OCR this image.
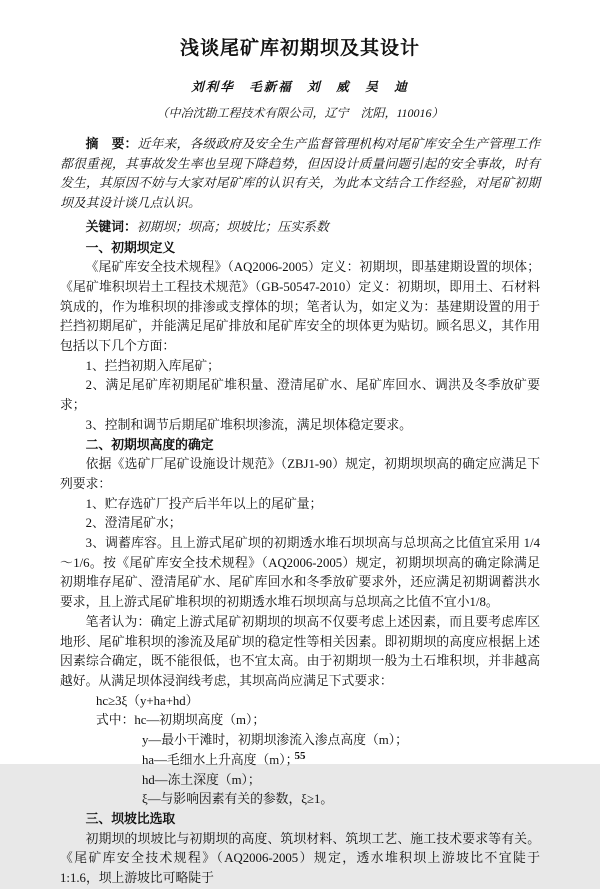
浅谈尾矿库初期坝及其设计
刘利华　毛新福　刘　威　吴　迪
（中冶沈勘工程技术有限公司，辽宁　沈阳，110016）
摘　要：近年来，各级政府及安全生产监督管理机构对尾矿库安全生产管理工作都很重视，其事故发生率也呈现下降趋势，但因设计质量问题引起的安全事故，时有发生，其原因不妨与大家对尾矿库的认识有关，为此本文结合工作经验，对尾矿初期坝及其设计谈几点认识。
关键词：初期坝；坝高；坝坡比；压实系数

一、初期坝定义

《尾矿库安全技术规程》（AQ2006-2005）定义：初期坝，即基建期设置的坝体；《尾矿堆积坝岩土工程技术规范》（GB-50547-2010）定义：初期坝，即用土、石材料筑成的，作为堆积坝的排渗或支撑体的坝；笔者认为，如定义为：基建期设置的用于拦挡初期尾矿，并能满足尾矿排放和尾矿库安全的坝体更为贴切。顾名思义，其作用包括以下几个方面：

1、拦挡初期入库尾矿；

2、满足尾矿库初期尾矿堆积量、澄清尾矿水、尾矿库回水、调洪及冬季放矿要求；

3、控制和调节后期尾矿堆积坝渗流，满足坝体稳定要求。

二、初期坝高度的确定

依据《选矿厂尾矿设施设计规范》（ZBJ1-90）规定，初期坝坝高的确定应满足下列要求：

1、贮存选矿厂投产后半年以上的尾矿量；

2、澄清尾矿水；

3、调蓄库容。且上游式尾矿坝的初期透水堆石坝坝高与总坝高之比值宜采用 1/4～1/6。按《尾矿库安全技术规程》（AQ2006-2005）规定，初期坝坝高的确定除满足初期堆存尾矿、澄清尾矿水、尾矿库回水和冬季放矿要求外，还应满足初期调蓄洪水要求，且上游式尾矿堆积坝的初期透水堆石坝坝高与总坝高之比值不宜小1/8。

笔者认为：确定上游式尾矿初期坝的坝高不仅要考虑上述因素，而且要考虑库区地形、尾矿堆积坝的渗流及尾矿坝的稳定性等相关因素。即初期坝的高度应根据上述因素综合确定，既不能很低，也不宜太高。由于初期坝一般为土石堆积坝，并非越高越好。从满足坝体浸润线考虑，其坝高尚应满足下式要求：

hc≥3ξ（y+ha+hd）

式中：hc—初期坝高度（m）；

y—最小干滩时，初期坝渗流入渗点高度（m）；

ha—毛细水上升高度（m）；

hd—冻土深度（m）；

ξ—与影响因素有关的参数，ξ≥1。

三、坝坡比选取

初期坝的坝坡比与初期坝的高度、筑坝材料、筑坝工艺、施工技术要求等有关。《尾矿库安全技术规程》（AQ2006-2005）规定，透水堆积坝上游坡比不宜陡于 1:1.6，坝上游坡比可略陡于

55
